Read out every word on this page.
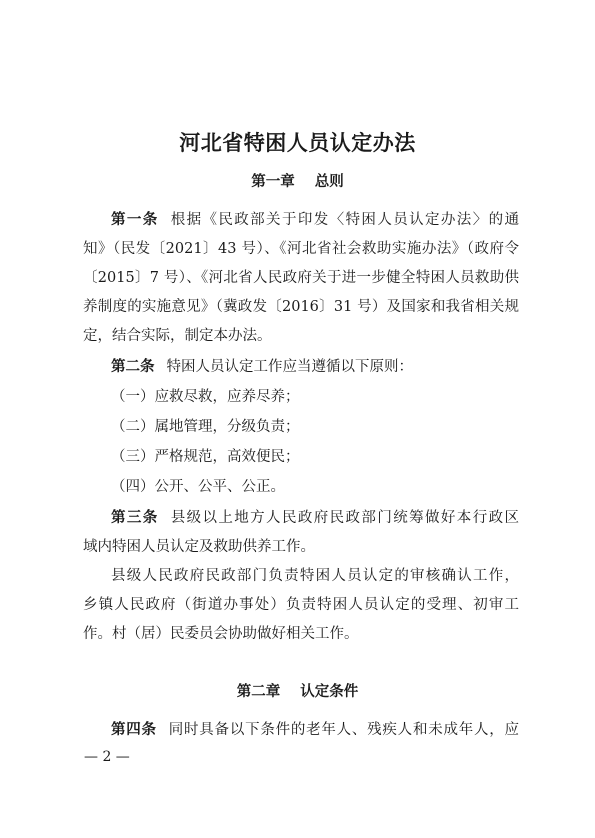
河北省特困人员认定办法
第一章 总则
第一条 根据《民政部关于印发〈特困人员认定办法〉的通
知》（民发〔2021〕43 号）、《河北省社会救助实施办法》（政府令
〔2015〕7 号）、《河北省人民政府关于进一步健全特困人员救助供
养制度的实施意见》（冀政发〔2016〕31 号）及国家和我省相关规
定，结合实际，制定本办法。
第二条 特困人员认定工作应当遵循以下原则：
（一）应救尽救，应养尽养；
（二）属地管理，分级负责；
（三）严格规范，高效便民；
（四）公开、公平、公正。
第三条 县级以上地方人民政府民政部门统筹做好本行政区
域内特困人员认定及救助供养工作。
县级人民政府民政部门负责特困人员认定的审核确认工作，
乡镇人民政府（街道办事处）负责特困人员认定的受理、初审工
作。村（居）民委员会协助做好相关工作。
第二章 认定条件
第四条 同时具备以下条件的老年人、残疾人和未成年人，应
— 2 —
